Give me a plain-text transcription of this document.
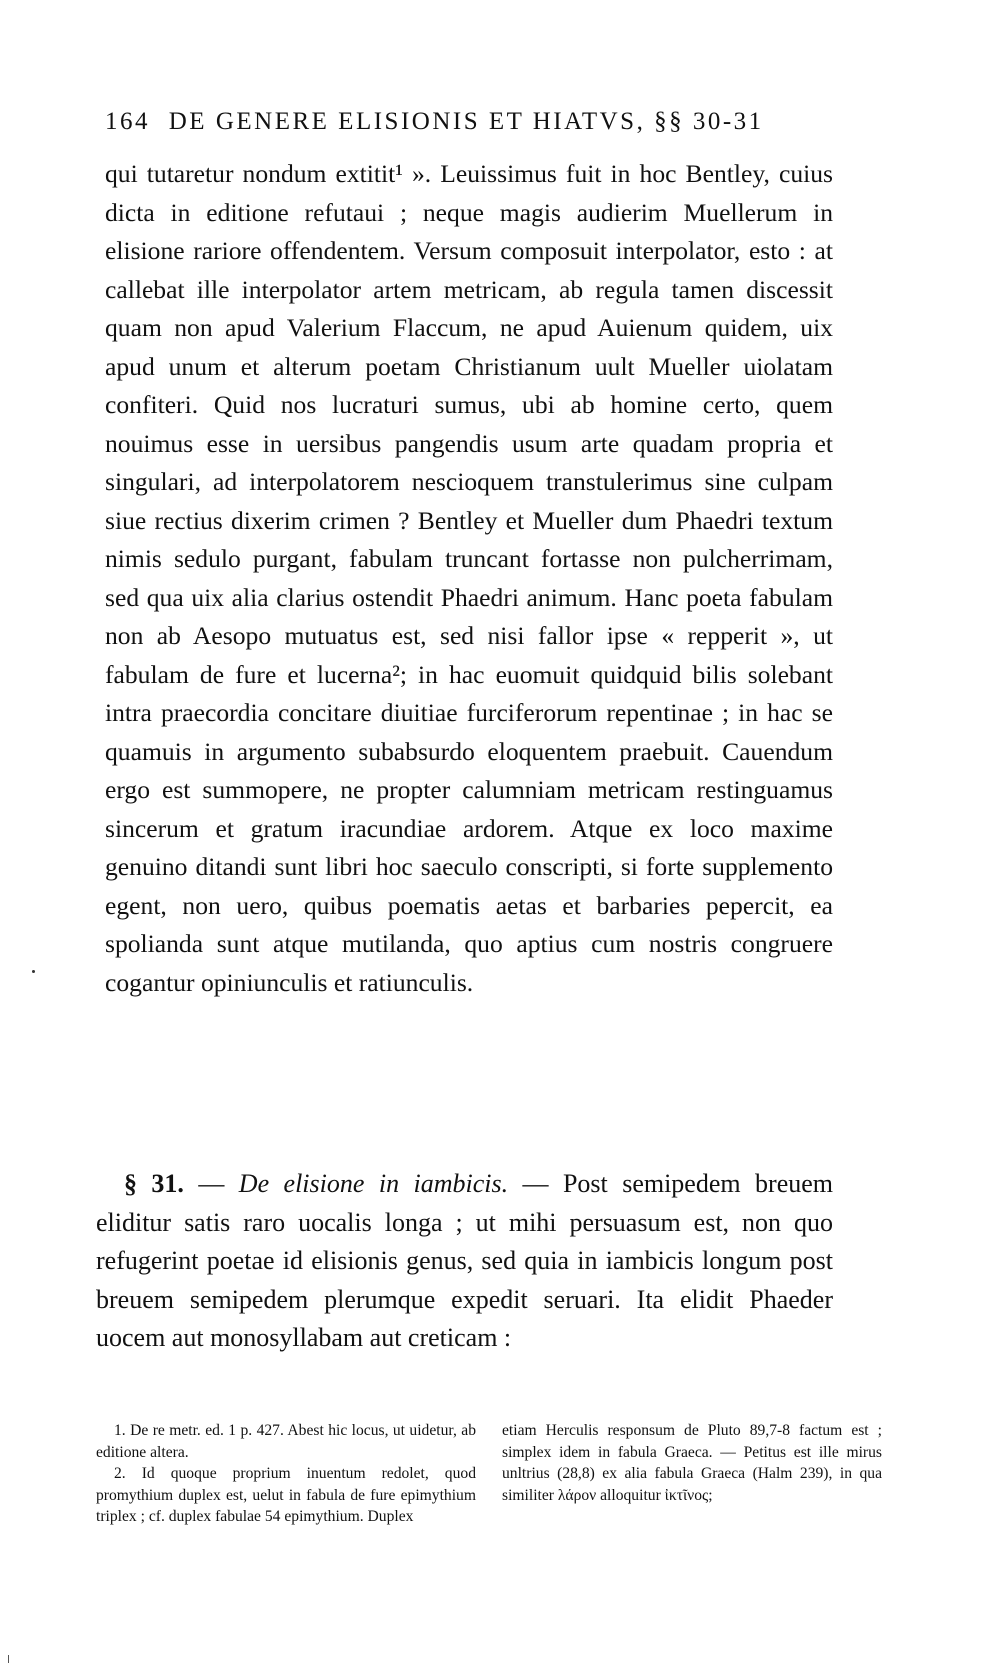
164 DE GENERE ELISIONIS ET HIATVS, §§ 30-31

qui tutaretur nondum extitit¹ ». Leuissimus fuit in hoc Bentley, cuius dicta in editione refutaui ; neque magis audierim Muellerum in elisione rariore offendentem. Versum composuit interpolator, esto : at callebat ille interpolator artem metricam, ab regula tamen discessit quam non apud Valerium Flaccum, ne apud Auienum quidem, uix apud unum et alterum poetam Christianum uult Mueller uiolatam confiteri. Quid nos lucraturi sumus, ubi ab homine certo, quem nouimus esse in uersibus pangendis usum arte quadam propria et singulari, ad interpolatorem nescioquem transtulerimus sine culpam siue rectius dixerim crimen ? Bentley et Mueller dum Phaedri textum nimis sedulo purgant, fabulam truncant fortasse non pulcherrimam, sed qua uix alia clarius ostendit Phaedri animum. Hanc poeta fabulam non ab Aesopo mutuatus est, sed nisi fallor ipse « repperit », ut fabulam de fure et lucerna²; in hac euomuit quidquid bilis solebant intra praecordia concitare diuitiae furciferorum repentinae ; in hac se quamuis in argumento subabsurdo eloquentem praebuit. Cauendum ergo est summopere, ne propter calumniam metricam restinguamus sincerum et gratum iracundiae ardorem. Atque ex loco maxime genuino ditandi sunt libri hoc saeculo conscripti, si forte supplemento egent, non uero, quibus poematis aetas et barbaries pepercit, ea spolianda sunt atque mutilanda, quo aptius cum nostris congruere cogantur opiniunculis et ratiunculis.

§ 31. — De elisione in iambicis. — Post semipedem breuem eliditur satis raro uocalis longa ; ut mihi persuasum est, non quo refugerint poetae id elisionis genus, sed quia in iambicis longum post breuem semipedem plerumque expedit seruari. Ita elidit Phaeder uocem aut monosyllabam aut creticam :

1. De re metr. ed. 1 p. 427. Abest hic locus, ut uidetur, ab editione altera.

2. Id quoque proprium inuentum redolet, quod promythium duplex est, uelut in fabula de fure epimythium triplex ; cf. duplex fabulae 54 epimythium. Duplex

etiam Herculis responsum de Pluto 89,7-8 factum est ; simplex idem in fabula Graeca. — Petitus est ille mirus unltrius (28,8) ex alia fabula Graeca (Halm 239), in qua similiter λάρον alloquitur ἰκτῖνος;
